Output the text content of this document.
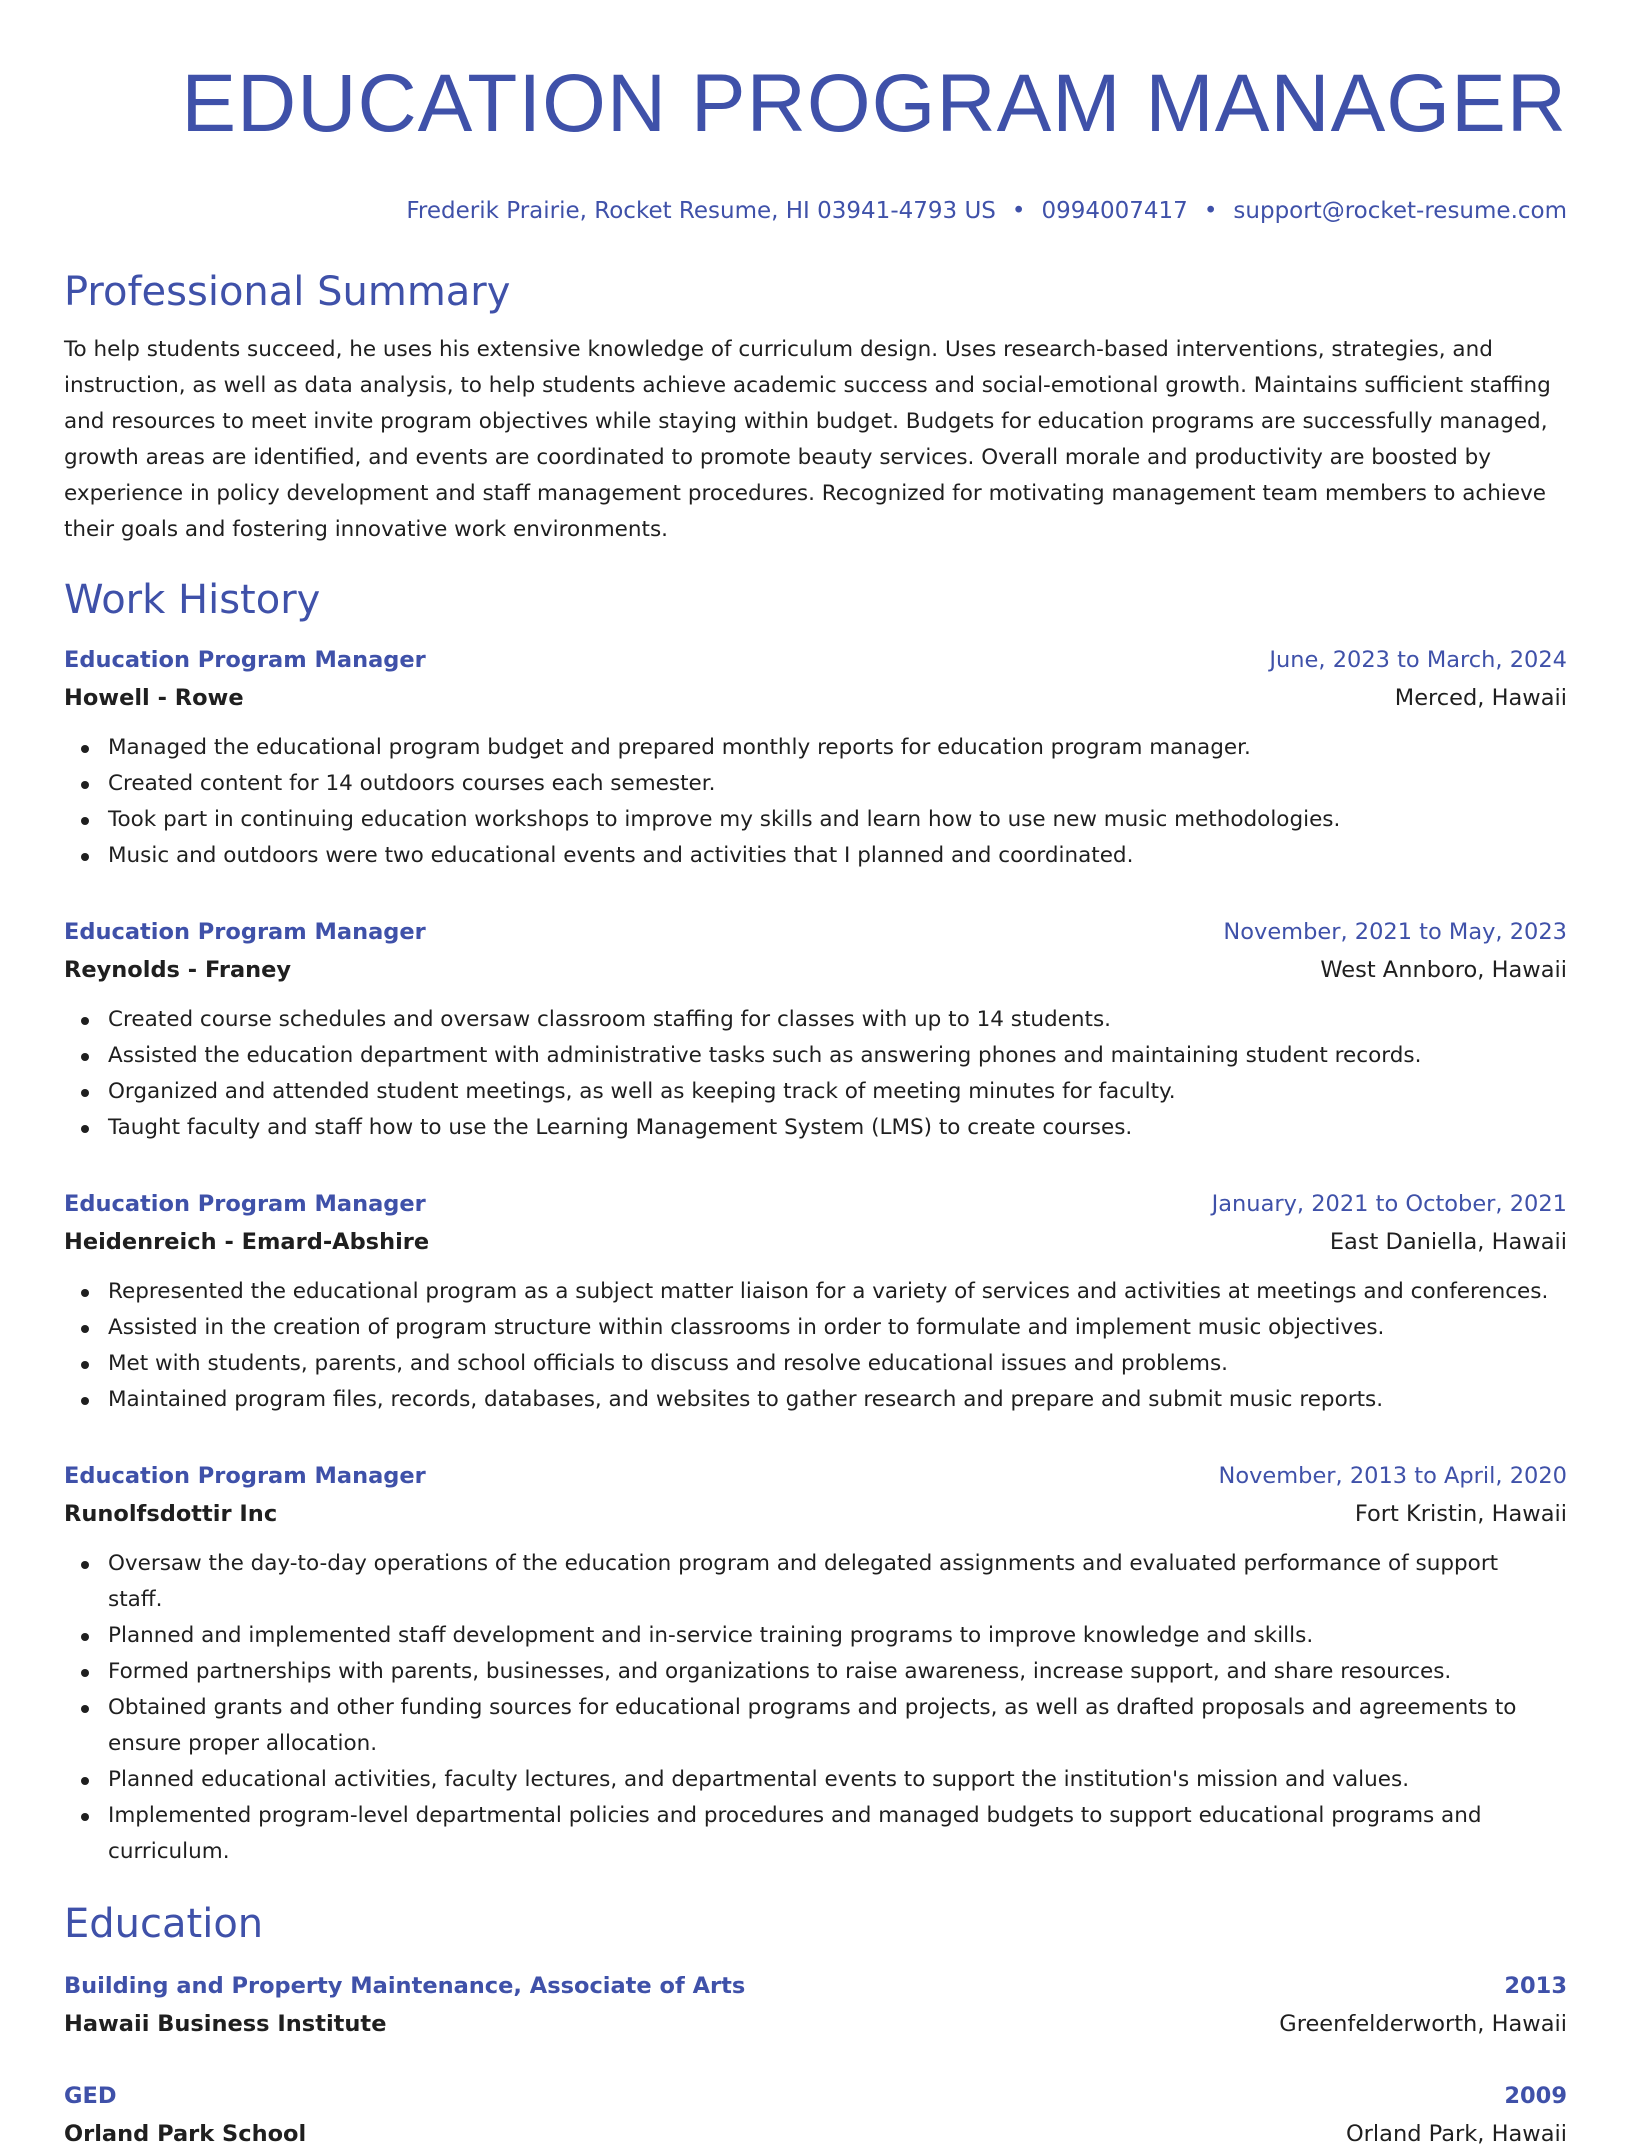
EDUCATION PROGRAM MANAGER
Frederik Prairie, Rocket Resume, HI 03941-4793 US • 0994007417 • support@rocket-resume.com
Professional Summary
To help students succeed, he uses his extensive knowledge of curriculum design. Uses research-based interventions, strategies, and instruction, as well as data analysis, to help students achieve academic success and social-emotional growth. Maintains sufficient staffing and resources to meet invite program objectives while staying within budget. Budgets for education programs are successfully managed, growth areas are identified, and events are coordinated to promote beauty services. Overall morale and productivity are boosted by experience in policy development and staff management procedures. Recognized for motivating management team members to achieve their goals and fostering innovative work environments.
Work History
Education Program Manager	June, 2023 to March, 2024
Howell - Rowe	Merced, Hawaii
Managed the educational program budget and prepared monthly reports for education program manager.
Created content for 14 outdoors courses each semester.
Took part in continuing education workshops to improve my skills and learn how to use new music methodologies.
Music and outdoors were two educational events and activities that I planned and coordinated.
Education Program Manager	November, 2021 to May, 2023
Reynolds - Franey	West Annboro, Hawaii
Created course schedules and oversaw classroom staffing for classes with up to 14 students.
Assisted the education department with administrative tasks such as answering phones and maintaining student records.
Organized and attended student meetings, as well as keeping track of meeting minutes for faculty.
Taught faculty and staff how to use the Learning Management System (LMS) to create courses.
Education Program Manager	January, 2021 to October, 2021
Heidenreich - Emard-Abshire	East Daniella, Hawaii
Represented the educational program as a subject matter liaison for a variety of services and activities at meetings and conferences.
Assisted in the creation of program structure within classrooms in order to formulate and implement music objectives.
Met with students, parents, and school officials to discuss and resolve educational issues and problems.
Maintained program files, records, databases, and websites to gather research and prepare and submit music reports.
Education Program Manager	November, 2013 to April, 2020
Runolfsdottir Inc	Fort Kristin, Hawaii
Oversaw the day-to-day operations of the education program and delegated assignments and evaluated performance of support staff.
Planned and implemented staff development and in-service training programs to improve knowledge and skills.
Formed partnerships with parents, businesses, and organizations to raise awareness, increase support, and share resources.
Obtained grants and other funding sources for educational programs and projects, as well as drafted proposals and agreements to ensure proper allocation.
Planned educational activities, faculty lectures, and departmental events to support the institution's mission and values.
Implemented program-level departmental policies and procedures and managed budgets to support educational programs and curriculum.
Education
Building and Property Maintenance, Associate of Arts	2013
Hawaii Business Institute	Greenfelderworth, Hawaii
GED	2009
Orland Park School	Orland Park, Hawaii
